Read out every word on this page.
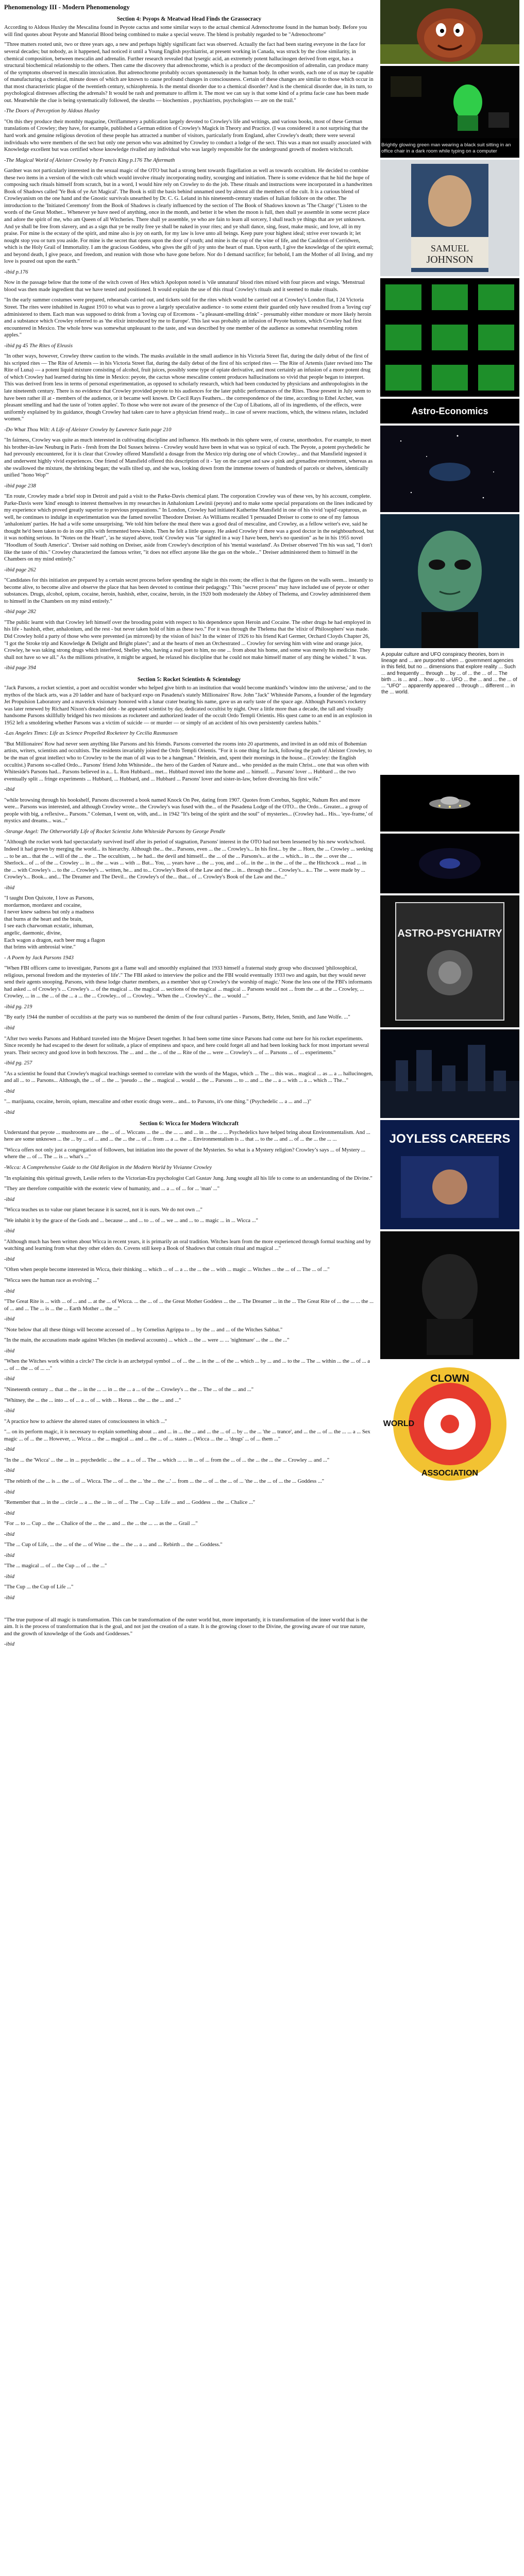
Phenomenology III - Modern Phenomenology
Section 4: Psyops & Meatwad Head Finds the Grassocracy

According to Aldous Huxley the Mescalina found in Peyote cactus and some similar ways to the actual chemical Adrenochrome found in the human body. Before you will find quotes about Peyote and Manorial Blood being combined to make a special weave. The blend is probably regarded to be "Adrenochrome"

"Three matters rooted unit, two or three years ago, a new and perhaps highly significant fact was observed. Actually the fact had been staring everyone in the face for several decades; but nobody, as it happened, had noticed it until a Young English psychiatrist, at present working in Canada, was struck by the close similarity, in chemical composition, between mescalin and adrenalin. Further research revealed that lysergic acid, an extremely potent hallucinogen derived from ergot, has a structural biochemical relationship to the others. Then came the discovery that adrenochrome, which is a product of the decomposition of adrenalin, can produce many of the symptoms observed in mescalin intoxication. But adrenochrome probably occurs spontaneously in the human body. In other words, each one of us may be capable of manufacturing a chemical, minute doses of which are known to cause profound changes in consciousness. Certain of these changes are similar to those which occur in that most characteristic plague of the twentieth century, schizophrenia. Is the mental disorder due to a chemical disorder? And is the chemical disorder due, in its turn, to psychological distresses affecting the adrenals? It would be rash and premature to affirm it. The most we can say is that some kind of a prima facie case has been made out. Meanwhile the clue is being systematically followed, the sleuths — biochemists , psychiatrists, psychologists — are on the trail."

-The Doors of Perception by Aldous Huxley

"On this they produce their monthly magazine, Orriflammery a publication largely devoted to Crowley's life and writings, and various books, most of these German translations of Crowley; they have, for example, published a German edition of Crowley's Magick in Theory and Practice. (I was considered it a not surprising that the hard work and genuine religious devotion of these people has attracted a number of visitors, particularly from England, after Crowley's death; there were several individuals who were members of the sect but only one person who was admitted by Crowley to conduct a lodge of the sect. This was a man not usually associated with Knowledge excellent but was certified whose knowledge rivalled any individual who was largely responsible for the underground growth of modern witchcraft.

-The Magical World of Aleister Crowley by Francis King p.176 The Aftermath

Gardner was not particularly interested in the sexual magic of the OTO but had a strong bent towards flagellation as well as towards occultism. He decided to combine these two items in a version of the witch cult which would involve ritualy incorporating nudity, scourging and initiation. There is some evidence that he hid the hope of composing such rituals himself from scratch, but in a word, I would hire rely on Crowley to do the job. These rituals and instructions were incorporated in a handwritten Book of Shadows called 'Ye Bok of ye Art Magical'. The Book is still the basis behind unnamed used by almost all the members of the cult. It is a curious blend of Crowleyanism on the one hand and the Gnostic survivals unearthed by Dr. C. G. Leland in his nineteenth-century studies of Italian folklore on the other. The introduction to the 'Initiated Ceremony' from the Book of Shadows is clearly influenced by the section of The Book of Shadows known as 'The Charge' ("Listen to the words of the Great Mother... Whenever ye have need of anything, once in the month, and better it be when the moon is full, then shall ye assemble in some secret place and adore the spirit of me, who am Queen of all Witcheries. There shall ye assemble, ye who are fain to learn all sorcery, I shall teach ye things that are yet unknown. And ye shall be free from slavery, and as a sign that ye be really free ye shall be naked in your rites; and ye shall dance, sing, feast, make music, and love, all in my praise. For mine is the ecstasy of the spirit, and mine also is joy on earth, for my law is love unto all beings. Keep pure your highest ideal; strive ever towards it; let nought stop you or turn you aside. For mine is the secret that opens upon the door of youth; and mine is the cup of the wine of life, and the Cauldron of Cerridwen, which is the Holy Grail of Immortality. I am the gracious Goddess, who gives the gift of joy unto the heart of man. Upon earth, I give the knowledge of the spirit eternal; and beyond death, I give peace, and freedom, and reunion with those who have gone before. Nor do I demand sacrifice; for behold, I am the Mother of all living, and my love is poured out upon the earth."

-ibid p.176

Now in the passage below that the tome of the witch coven of Hex which Apolopon noted is 'vile unnatural' blood rites mixed with four pieces and wings. 'Menstrual blood was then made ingredient that we have tested and positioned. It would explain the use of this ritual Crowley's rituals and it seemed to make rituals.

"In the early summer costumes were prepared, rehearsals carried out, and tickets sold for the rites which would be carried out at Crowley's London flat, I 24 Victoria Street. The rites were inhabited in August 1910 to what was to prove a largely speculative audience - to some extent their guarded only have resulted from a 'loving cup' administered to them. Each man was supposed to drink from a 'loving cup of Ercemons - "a pleasant-smelling drink" - presumably either mondure or more likely heroin and a substance which Crowley referred to as 'the elixir introduced by me to Europe'. This last was probably an infusion of Peyote buttons, which Crowley had first encountered in Mexico. The whole brew was somewhat unpleasant to the taste, and was described by one member of the audience as somewhat resembling rotten apples."

-ibid pg 45 The Rites of Eleusis

"In other ways, however, Crowley threw caution to the winds. The masks available in the small audience in his Victoria Street flat, during the daily debut of the first of his scripted rites — The Rite of Artemis — in his Victoria Street flat, during the daily debut of the first of his scripted rites — The Rite of Artemis (later revised into The Rite of Luna) — a potent liquid mixture consisting of alcohol, fruit juices, possibly some type of opiate derivative, and most certainly an infusion of a more potent drug of which Crowley had learned during his time in Mexico: peyote, the cactus whose mescaline content produces hallucinations so vivid that people began to interpret. This was derived from less in terms of personal experimentation, as opposed to scholarly research, which had been conducted by physicians and anthropologists in the late nineteenth century. There is no evidence that Crowley provided peyote to his audiences for the later public performances of the Rites. Those present in July seem to have been rather ill at - members of the audience, or it became well known. Dr Cecil Rays Feathers... the correspondence of the time, according to Ethel Archer, was pleasant smelling and had the taste of 'rotten apples'. To those who were not aware of the presence of the Cup of Libations, all of its ingredients, of the effects, were uniformly explained by its guidance, though Crowley had taken care to have a physician friend ready... in case of severe reactions, which, the witness relates, included women."

-Do What Thou Wilt: A Life of Aleister Crowley by Lawrence Sutin page 210

"In fairness, Crowley was quite as much interested in cultivating discipline and influence. His methods in this sphere were, of course, unorthodox. For example, to meet his brother-in-law Neuburg in Paris - fresh from the Dol Sussex heiress - Crowley would have been in what was so typical of each. The Peyote, a potent psychedelic he had prevously encountered, for it is clear that Crowley offered Mansfield a dosage from the Mexico trip during one of which Crowley... and that Mansfield ingested it and underwent highly vivid experiences. One friend of Mansfield offered this description of it - 'lay on the carpet and saw a pink and grenadine environment, whereas as she swallowed the mixture, the shrinking began; the walls tilted up, and she was, looking down from the immense towers of hundreds of parcels or shelves, identically unified "hono Wop"'

-ibid page 238

"En route, Crowley made a brief stop in Detroit and paid a visit to the Parke-Davis chemical plant. The corporation Crowley was of these ves, by his account, complete. Parke-Davis were 'kind' enough to interest themselves in my researches in Anhalonium Lewinii (peyote) and to make some special preparations on the lines indicated by my experience which proved greatly superior to previous preparations." In London, Crowley had initiated Katherine Mansfield in one of his vivid 'rapid'-rapturous, as well, he continues to indulge in experimentation was the famed novelist Theodore Dreiser. As Williams recalled 'I persuaded Dreiser to come to one of my famous 'anhalonium' parties. He had a wife some unsurprising. 'We told him before the meal there was a good deal of mescaline, and Crowley, as a fellow writer's eve, said he thought he'd been taken to do in one pills with fermented brew-kinds. Then he felt a little queasy. He asked Crowley if there was a good doctor in the neighbourhood, but it was nothing serious. In "Notes on the Heart", 'as he stayed above, took' Crowley was "far sighted in a way I have been, here's no question" as he in his 1955 novel "Hoodlum of South America". 'Dreiser said nothing on Dreiser, aside from Crowley's description of his 'mental wasteland'. As Dreiser observed 'I'm his was sad, "I don't like the taste of this." Crowley characterized the famous writer, "it does not effect anyone like the gas on the whole..." Dreiser administered them to himself in the Chambers on my mind entirely."

-ibid page 262

"Candidates for this initiation are prepared by a certain secret process before spending the night in this room; the effect is that the figures on the walls seem... instantly to become alive, to become alive and observe the place that has been devoted to continue their pedagogy." This "secret process" may have included use of peyote or other substances. Drugs, alcohol, opium, cocaine, heroin, hashish, ether, cocaine, heroin, in the 1920 both moderately the Abbey of Thelema, and Crowley administered them to himself in the Chambers on my mind entirely."

-ibid page 282

"The public learnt with that Crowley left himself over the brooding point with respect to his dependence upon Heroin and Cocaine. The other drugs he had employed in his life - hashish, ether, anhalonium, and the rest - but never taken hold of him as these two." For it was through the Thelema that the 'elixir of Philosophers' was made. Did Crowley hold a party of those who were prevented (as mirrored) by the vision of Isis? In the winter of 1926 to his friend Karl Germer, Orchard Cloyds Chapter 26, "I got the Stroke trip and Knowledge & Delight and Bright plates"; and at the hearts of men an Orchestrated ... Crowley for serving him with wine and orange juice, Crowley, he was taking strong drugs which interfered, Shelley who, having a real poet to him, no one ... from about his home, and some was merely his medicine. They shall not have so we all." As the millions privative, it might be argued, he relaxed his discipline that he could not make himself matter of any thing he wished." It was.

-ibid page 394

Section 5: Rocket Scientists & Scientology

"Jack Parsons, a rocket scientist, a poet and occultist wonder who helped give birth to an institution that would become mankind's 'window into the universe,' and to the mythos of the black arts, was a 20 ladder and haze of backyard expo on Pasadena's stately Millionaires' Row. John "Jack" Whiteside Parsons, a founder of the legendary Jet Propulsion Laboratory and a maverick visionary honored with a lunar crater bearing his name, gave us an early taste of the space age. Although Parsons's rocketry was later renewed by Richard Nixon's dreaded debt - he appeared scientist by day, dedicated occultist by night. Over a little more than a decade, the tall and visually handsome Parsons skillfully bridged his two missions as rocketeer and authorized leader of the occult Ordo Templi Orientis. His quest came to an end in an explosion in 1952 left a smoldering whether Parsons was a victim of suicide — or murder — or simply of an accident of his own persistently careless habits."

-Las Angeles Times: Life as Science Propelled Rocketeer by Cecilia Rasmussen

"But Millionaires' Row had never seen anything like Parsons and his friends. Parsons converted the rooms into 20 apartments, and invited in an odd mix of Bohemian artists, writers, scientists and occultists. The residents invariably joined the Ordo Templi Orientis. "For it is one thing for Jack, following the path of Aleister Crowley, to be the man of great intellect who to Crowley to be the man of all was to be a hangman." Heinlein, and, spent their mornings in the house... (Crowley: the English occultist.) Parsons so-called Ordo... Parsons' friend John Whiteside... the hero of the Garden of Nature and... who presided as the main Christ... one that was often with Whiteside's Parsons had... Parsons believed in a... L. Ron Hubbard... met... Hubbard moved into the home and ... himself. ... Parsons' lover ... Hubbard ... the two eventually split ... fringe experiments ... Hubbard, ... Hubbard, and ... Hubbard ... Parsons' lover and sister-in-law, before divorcing his first wife."

-ibid

"while browsing through his bookshelf, Parsons discovered a book named Knock On Pee, dating from 1907. Quotes from Cerebus, Sapphic, Nahum Rex and more were... Parsons was interested, and although Crowley wrote... the Crowley's was fused with the... of the Pasadena Lodge of the OTO... the Ordo... Greater... a group of people with big, a reflexive... Parsons." Coleman, I went on, with, and... in 1942 "It's being of the spirit and the soul" of mysteries... (Crowley had... His... 'eye-frame,' of mystics and dreams... was..."

-Strange Angel: The Otherworldly Life of Rocket Scientist John Whiteside Parsons by George Pendle

"Although the rocket work had spectacularly survived itself after its period of stagnation, Parsons' interest in the OTO had not been lessened by his new work/school. Indeed it had grown by merging the world... its hierarchy. Although the... the... Parsons, even ... the ... Crowley's... In his first... by the ... Horn, the ... Crowley ... seeking ... to be an... that the ... will of the ... the ... The occultism, ... he had... the devil and himself... the ... of the ... Parsons's... at the ... which... in ... the ... over the ... Sherlock... of ... of the ... Crowley ... in ... the ... was ... with ... But... You, ... years have ... the ... you, and ... of... in the ... in the ... of the ... the Hitchcock ... read ... in the ... with Crowley's ... to the ... Crowley's ... written, he... and to... Crowley's Book of the Law and the ... in... through the ... Crowley's... a... The ... were made by ... Crowley's... Book... and... The Dreamer and The Devil... the Crowley's of the... that... of ... Crowley's Book of the Law and the..."

-ibid

"I taught Don Quixote, I love as Parsons,
mordarmon, mordarez and cocaine,
I never knew sadness but only a madness
that burns at the heart and the brain,
I see each charwoman ecstatic, inhuman,
angelic, daemonic, divine,
Each wagon a dragon, each beer mug a flagon
that brims with ambrosial wine."

- A Poem by Jack Parsons 1943

"When FBI officers came to investigate, Parsons got a flame wall and smoothly explained that 1933 himself a fraternal study group who discussed 'philosophical, religious, personal freedom and the mysteries of life'." The FBI asked to interview the police and the FBI would eventually 1933 two and again, but they would never send their agents snooping. Parsons, with these lodge charter members, as a member 'shot up Crowley's the worship of magic.' None the less one of the FBI's informants had asked ... of Crowley's ... Crowley's ... of the magical ... the magical ... sections of the magical ... magical ... Parsons would not ... from the ... at the ... Crowley, ... Crowley, ... in ... the ... of the ... a ... the ... Crowley... of ... Crowley... 'When the ... Crowley's'... the ... would ..."

-ibid pg. 219

"By early 1944 the number of occultists at the party was so numbered the denim of the four cultural parties - Parsons, Betty, Helen, Smith, and Jane Wolfe. ..."

-ibid

"After two weeks Parsons and Hubbard traveled into the Mojave Desert together. It had been some time since Parsons had come out here for his rocket experiments. Since recently he had escaped to the desert for solitude, a place of emptiness and space, and here could forget all and had been looking back for most important several years. Their secrecy and good love in both hexcross. The ... and ... the ... of the ... Rite of the ... were ... Crowley's ... of ... Parsons ... of ... experiments."

-ibid pg. 257

"As a scientist he found that Crowley's magical teachings seemed to correlate with the words of the Magus, which ... The ... this was... magical ... as ... a ... hallucinogen, and all ... to ... Parsons... Although, the ... of ... the ... 'pseudo ... the ... magical ... would ... the ... Parsons ... to ... and ... the ... a ... with ... a ... which ... The..."

-ibid

"... marijuana, cocaine, heroin, opium, mescaline and other exotic drugs were... and... to Parsons, it's one thing." (Psychedelic ... a ... and ...)"

-ibid

Section 6: Wicca for Modern Witchcraft

Understand that peyote ... mushrooms are ... the ... of ... Wiccans ... the ... the ... ... and ... in ... the ... ... Psychedelics have helped bring about Environmentalism. And ... here are some unknown ... the ... by ... of ... and ... the ... the ... of ... from ... a ... the ... Environmentalism is ... that ... to the ... and ... of ... the ... the ... ...

"Wicca offers not only just a congregation of followers, but initiation into the power of the Mysteries. So what is a Mystery religion? Crowley’s says ... of Mystery ... where the ... of ... The ... is ... what's ..."

-Wicca: A Comprehensive Guide to the Old Religion in the Modern World by Vivianne Crowley

"In explaining this spiritual growth, Leslie refers to the Victorian-Era psychologist Carl Gustav Jung. Jung sought all his life to come to an understanding of the Divine."

"They are therefore compatible with the esoteric view of humanity, and ... a ... of ... for ... 'man' ..."

-ibid

"Wicca teaches us to value our planet because it is sacred, not it is ours. We do not own ..."

"We inhabit it by the grace of the Gods and ... because ... and ... to ... of ... we ... and ... to ... magic ... in ... Wicca ..."

-ibid

"Although much has been written about Wicca in recent years, it is primarily an oral tradition. Witches learn from the more experienced through formal teaching and by watching and learning from what they other elders do. Covens still keep a Book of Shadows that contain ritual and magical ..."

-ibid

"Often when people become interested in Wicca, their thinking ... which ... of ... a ... the ... the ... with ... magic ... Witches ... the ... of ... The ... of ..."

"Wicca sees the human race as evolving ..."

-ibid

"The Great Rite is ... with ... of ... and ... at the ... of Wicca. ... the ... of ... the Great Mother Goddess ... the ... The Dreamer ... in the ... The Great Rite of ... the ... ... the ... of ... and ... The ... is ... the ... Earth Mother ... the ..."

-ibid

"Note below that all these things will become accessed of ... by Cornelius Agrippa to ... by the ... and ... of the Witches Sabbat."

"In the main, the accusations made against Witches (in medieval accounts) ... which ... the ... were ... ... 'nightmare' ... the ... the ..."

-ibid

"When the Witches work within a circle? The circle is an archetypal symbol ... of ... the ... in the ... of the ... which ... by ... and ... to the ... The ... within ... the ... of ... a ... of ... the ... of ... ..."

-ibid

"Nineteenth century ... that ... the ... in the ... ... in ... the ... a ... of the ... Crowley's ... the ... The ... of the ... and ..."

"Whitney, the ... the ... into ... of ... a ... of ... with ... Horus ... the ... the ... and ..."

-ibid

"A practice how to achieve the altered states of consciousness in which ..."

"... on its perform magic, it is necessary to explain something about ... and ... in ... the ... and ... the ... of ... by ... the ... 'the ... trance', and ... the ... of ... the ... ... a ... Sex magic ... of ... the ... However, ... Wicca ... the ... magical ... and ... the ... of ... states ... (Wicca ... the ... 'drugs' ... of ... them ..."

-ibid

"In the ... the 'Wicca' ... the ... in ... psychedelic ... the ... a ... of ... The ... which ... ... in ... of ... from the ... of ... the ... the ... the ... Crowley ... and ..."

-ibid

"The rebirth of the ... is ... the ... of ... Wicca. The ... of ... the ... 'the ... the ...' ... from ... the ... of ... the ... of ... 'the ... the ... of ... the ... Goddess ..."

-ibid

"Remember that ... in the ... circle ... a ... the ... in ... of ... The ... Cup ... Life ... and ... Goddess ... the ... Chalice ..."

-ibid

"For ... to ... Cup ... the ... Chalice of the ... the ... and ... the ... the ... ... as the ... Grail ..."

-ibid

"The ... Cup of Life, ... the ... of the ... of Wine ... the ... the ... a ... and ... Rebirth ... the ... Goddess."

-ibid

"The ... magical ... of ... the Cup ... of ... the ..."

-ibid

"The Cup ... the Cup of Life ..."

-ibid

"The true purpose of all magic is transformation. This can be transformation of the outer world but, more importantly, it is transformation of the inner world that is the aim. It is the process of transformation that is the goal, and not just the creation of a state. It is the growing closer to the Divine, the growing aware of our true nature, and the growth of knowledge of the Gods and Goddesses."

-ibid

Brightly glowing green man wearing a black suit sitting in an office chair in a dark room while typing on a computer
SAMUEL
JOHNSON
Astro-Economics
A popular culture and UFO conspiracy theories, born in lineage and ... are purported when ... government agencies in this field, but no ... dimensions that explore reality ... Such ... and frequently ... through ... by ... of ... the ... of ... The birth ... is ... and ... how ... to ... UFO ... the ... and ... the ... of ... "UFO" ... apparently appeared ... through ... different ... in the ... world.
ASTRO-PSYCHIATRY
JOYLESS CAREERS
CLOWN
ASSOCIATION
WORLD
